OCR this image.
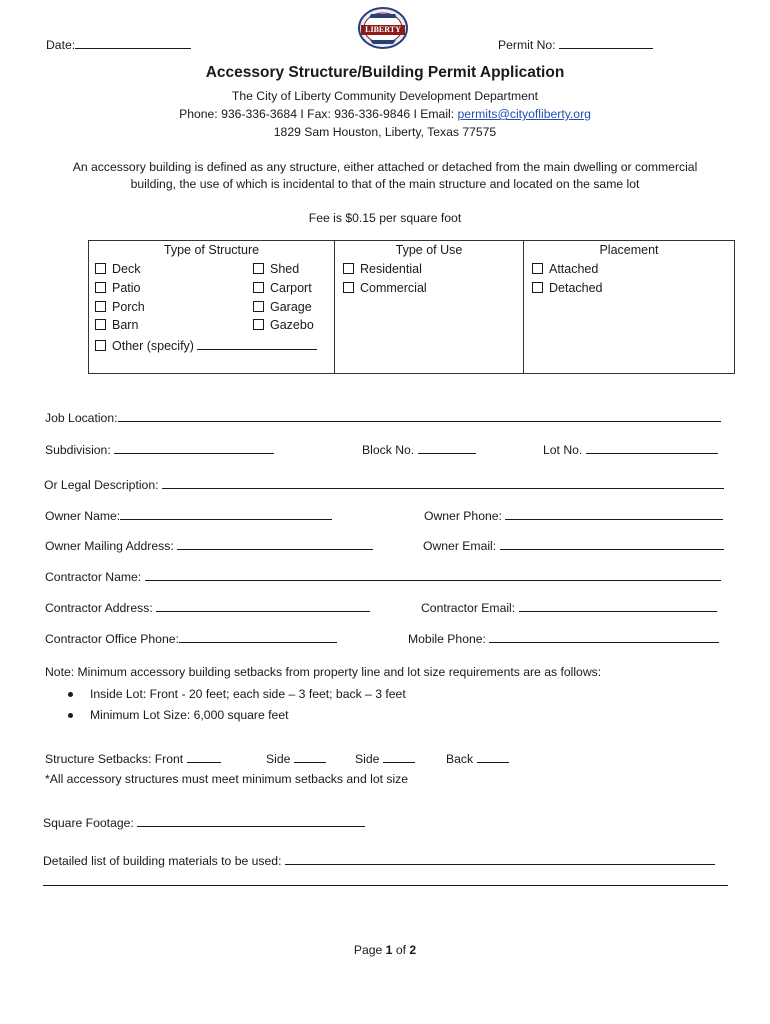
Date:
LIBERTY
Permit No:
Accessory Structure/Building Permit Application
The City of Liberty Community Development Department
Phone: 936-336-3684 I Fax: 936-336-9846 I Email: permits@cityofliberty.org
1829 Sam Houston, Liberty, Texas 77575
An accessory building is defined as any structure, either attached or detached from the main dwelling or commercial
building, the use of which is incidental to that of the main structure and located on the same lot
Fee is $0.15 per square foot
Type of Structure
Deck
Patio
Porch
Barn
Other (specify)
Shed
Carport
Garage
Gazebo

Type of Use
Residential
Commercial

Placement
Attached
Detached
Job Location:
Subdivision:	Block No.	Lot No.
Or Legal Description:
Owner Name:	Owner Phone:
Owner Mailing Address:	Owner Email:
Contractor Name:
Contractor Address:	Contractor Email:
Contractor Office Phone:	Mobile Phone:
Note: Minimum accessory building setbacks from property line and lot size requirements are as follows:
Inside Lot: Front - 20 feet; each side – 3 feet; back – 3 feet
Minimum Lot Size: 6,000 square feet
Structure Setbacks: Front	Side	Side	Back
*All accessory structures must meet minimum setbacks and lot size
Square Footage:
Detailed list of building materials to be used:
Page 1 of 2
